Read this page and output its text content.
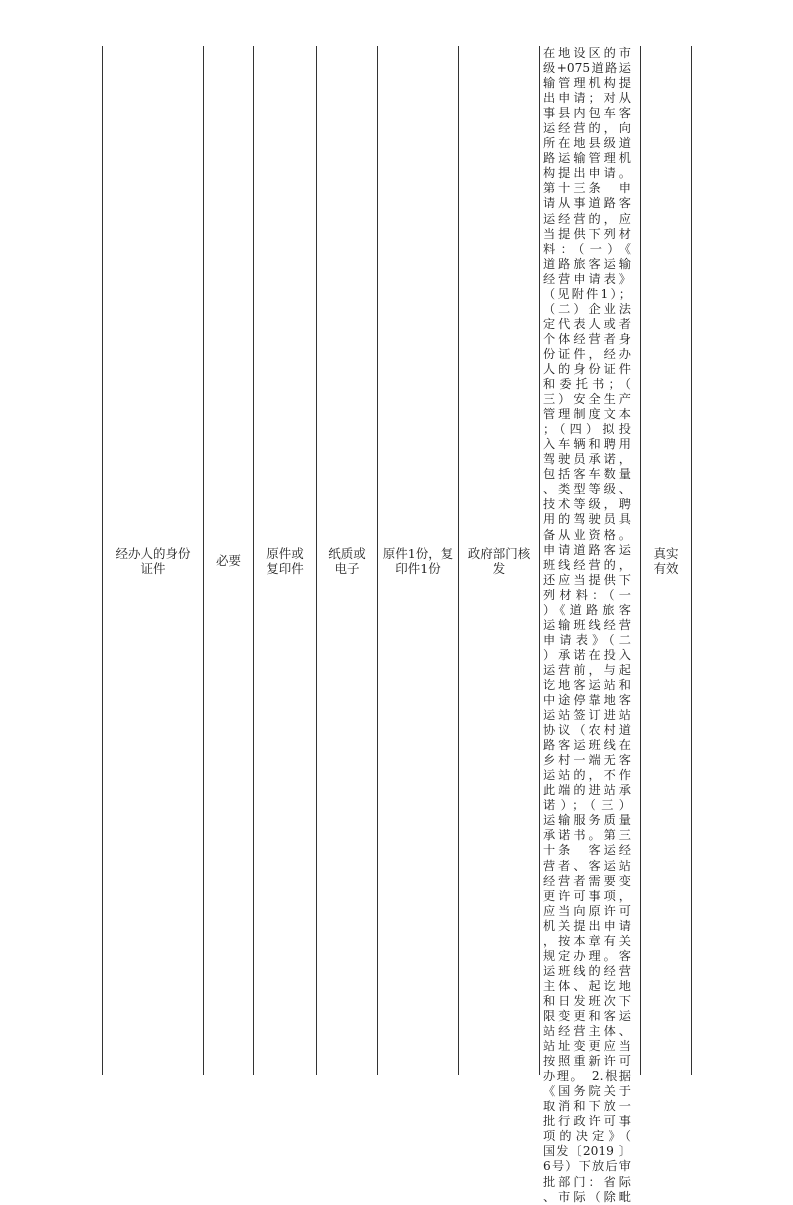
经办人的身份
证件	必要 原件或
复印件
纸质或
电子
原件1份，复
印件1份
政府部门核
发
在地设区的市
级+075道路运
输管理机构提
出申请；对从
事县内包车客
运经营的，向
所在地县级道
路运输管理机
构提出申请。
第十三条　申
请从事道路客
运经营的，应
当提供下列材
料：（一）《
道路旅客运输
经营申请表》
（见附件1）；
（二）企业法
定代表人或者
个体经营者身
份证件，经办
人的身份证件
和委托书；（
三）安全生产
管理制度文本
；（四）拟投
入车辆和聘用
驾驶员承诺，
包括客车数量
、类型等级、
技术等级，聘
用的驾驶员具
备从业资格。
申请道路客运
班线经营的，
还应当提供下
列材料：（一
）《道路旅客
运输班线经营
申请表》（二
）承诺在投入
运营前，与起
讫地客运站和
中途停靠地客
运站签订进站
协议（农村道
路客运班线在
乡村一端无客
运站的，不作
此端的进站承
诺）；（三）
运输服务质量
承诺书。第三
十条　客运经
营者、客运站
经营者需要变
更许可事项，
应当向原许可
机关提出申请
，按本章有关
规定办理。客
运班线的经营
主体、起讫地
和日发班次下
限变更和客运
站经营主体、
站址变更应当
按照重新许可
办理。　2.根据
《国务院关于
取消和下放一
批行政许可事
项的决定》（
国发〔2019 〕
6号）下放后审
批部门：省际
、市际（除毗
真实
有效
